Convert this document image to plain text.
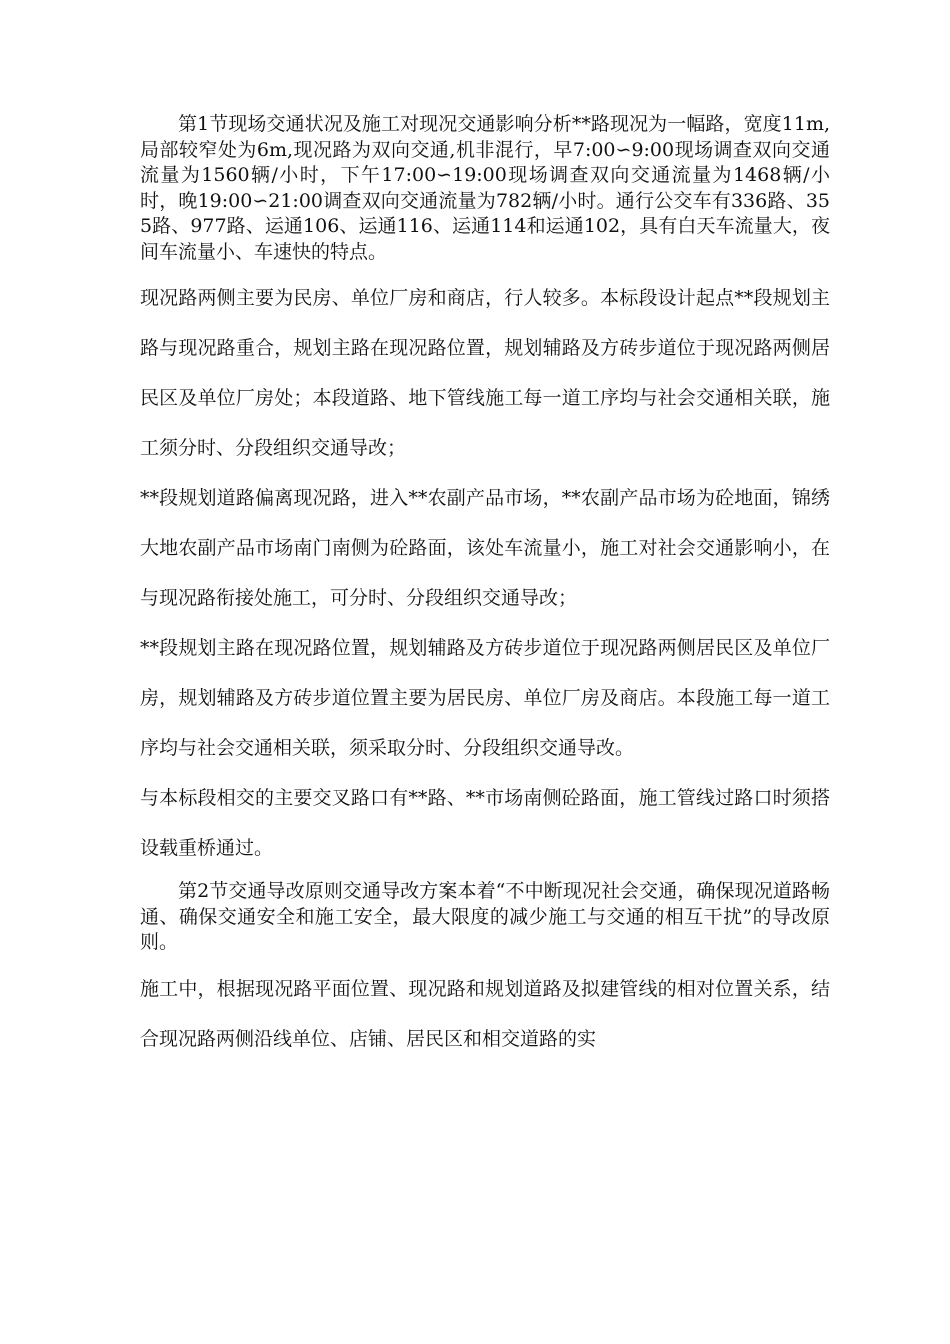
第1节现场交通状况及施工对现况交通影响分析**路现况为一幅路，宽度11m,局部较窄处为6m,现况路为双向交通,机非混行，早7:00∽9:00现场调查双向交通流量为1560辆/小时，下午17:00∽19:00现场调查双向交通流量为1468辆/小时，晚19:00∽21:00调查双向交通流量为782辆/小时。通行公交车有336路、355路、977路、运通106、运通116、运通114和运通102，具有白天车流量大，夜间车流量小、车速快的特点。

现况路两侧主要为民房、单位厂房和商店，行人较多。本标段设计起点**段规划主路与现况路重合，规划主路在现况路位置，规划辅路及方砖步道位于现况路两侧居民区及单位厂房处；本段道路、地下管线施工每一道工序均与社会交通相关联，施工须分时、分段组织交通导改；

**段规划道路偏离现况路，进入**农副产品市场，**农副产品市场为砼地面，锦绣大地农副产品市场南门南侧为砼路面，该处车流量小，施工对社会交通影响小，在与现况路衔接处施工，可分时、分段组织交通导改；

**段规划主路在现况路位置，规划辅路及方砖步道位于现况路两侧居民区及单位厂房，规划辅路及方砖步道位置主要为居民房、单位厂房及商店。本段施工每一道工序均与社会交通相关联，须采取分时、分段组织交通导改。

与本标段相交的主要交叉路口有**路、**市场南侧砼路面，施工管线过路口时须搭设载重桥通过。

第2节交通导改原则交通导改方案本着“不中断现况社会交通，确保现况道路畅通、确保交通安全和施工安全，最大限度的减少施工与交通的相互干扰”的导改原则。

施工中，根据现况路平面位置、现况路和规划道路及拟建管线的相对位置关系，结合现况路两侧沿线单位、店铺、居民区和相交道路的实
